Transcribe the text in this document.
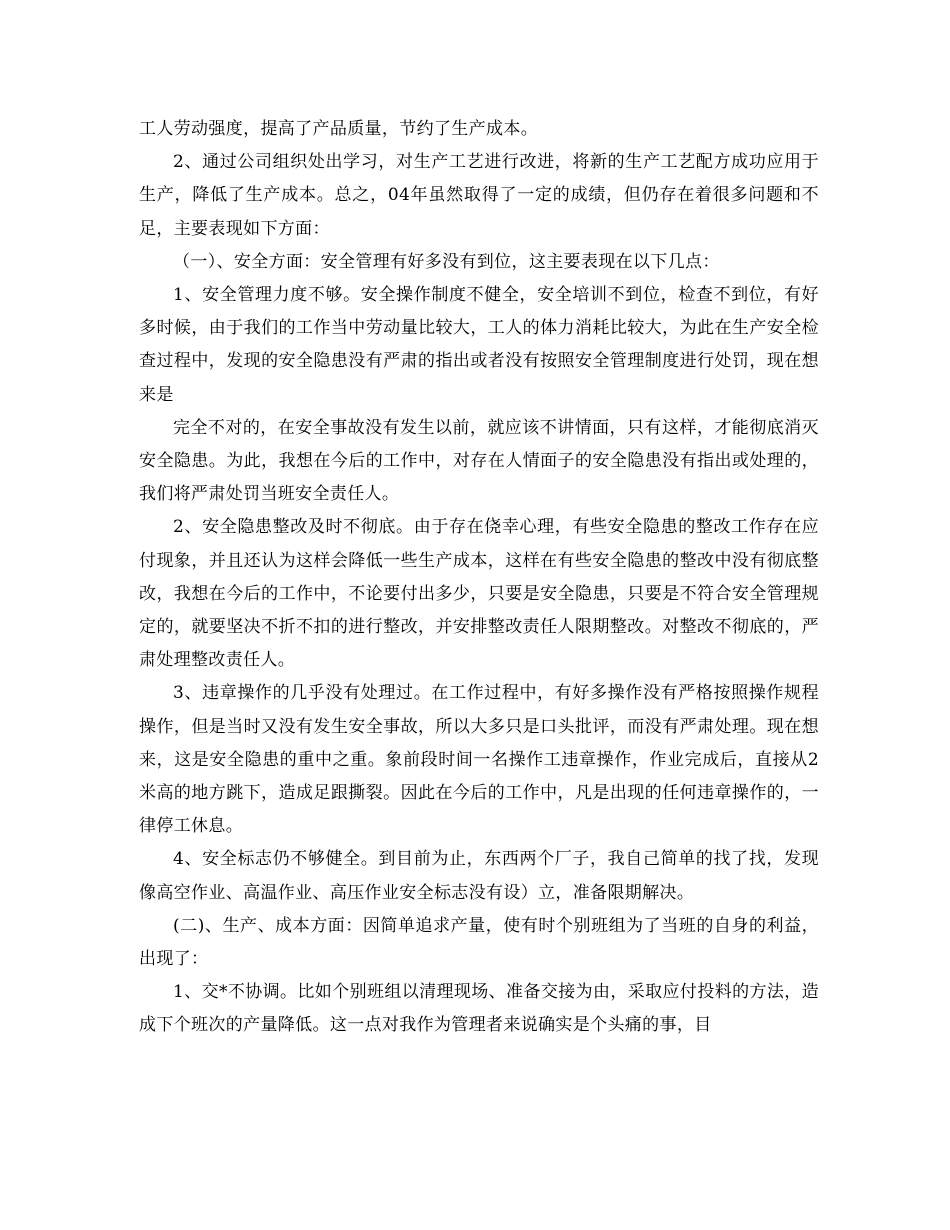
工人劳动强度，提高了产品质量，节约了生产成本。

2、通过公司组织处出学习，对生产工艺进行改进，将新的生产工艺配方成功应用于生产，降低了生产成本。总之，04年虽然取得了一定的成绩，但仍存在着很多问题和不足，主要表现如下方面：

（一）、安全方面：安全管理有好多没有到位，这主要表现在以下几点：

1、安全管理力度不够。安全操作制度不健全，安全培训不到位，检查不到位，有好多时候，由于我们的工作当中劳动量比较大，工人的体力消耗比较大，为此在生产安全检查过程中，发现的安全隐患没有严肃的指出或者没有按照安全管理制度进行处罚，现在想来是

完全不对的，在安全事故没有发生以前，就应该不讲情面，只有这样，才能彻底消灭安全隐患。为此，我想在今后的工作中，对存在人情面子的安全隐患没有指出或处理的，我们将严肃处罚当班安全责任人。

2、安全隐患整改及时不彻底。由于存在侥幸心理，有些安全隐患的整改工作存在应付现象，并且还认为这样会降低一些生产成本，这样在有些安全隐患的整改中没有彻底整改，我想在今后的工作中，不论要付出多少，只要是安全隐患，只要是不符合安全管理规定的，就要坚决不折不扣的进行整改，并安排整改责任人限期整改。对整改不彻底的，严肃处理整改责任人。

3、违章操作的几乎没有处理过。在工作过程中，有好多操作没有严格按照操作规程操作，但是当时又没有发生安全事故，所以大多只是口头批评，而没有严肃处理。现在想来，这是安全隐患的重中之重。象前段时间一名操作工违章操作，作业完成后，直接从2米高的地方跳下，造成足跟撕裂。因此在今后的工作中，凡是出现的任何违章操作的，一律停工休息。

4、安全标志仍不够健全。到目前为止，东西两个厂子，我自己简单的找了找，发现像高空作业、高温作业、高压作业安全标志没有设）立，准备限期解决。

(二)、生产、成本方面：因简单追求产量，使有时个别班组为了当班的自身的利益，出现了：

1、交*不协调。比如个别班组以清理现场、准备交接为由，采取应付投料的方法，造成下个班次的产量降低。这一点对我作为管理者来说确实是个头痛的事，目
